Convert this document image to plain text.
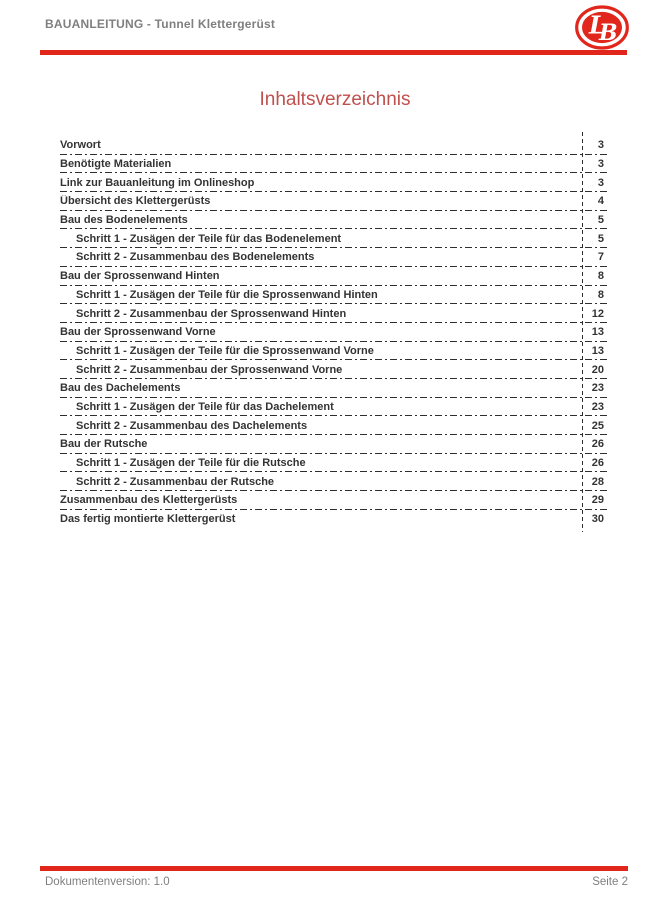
BAUANLEITUNG - Tunnel Klettergerüst	L
B
Inhaltsverzeichnis
Vorwort	3
Benötigte Materialien	3
Link zur Bauanleitung im Onlineshop	3
Übersicht des Klettergerüsts	4
Bau des Bodenelements	5
Schritt 1 - Zusägen der Teile für das Bodenelement	5
Schritt 2 - Zusammenbau des Bodenelements	7
Bau der Sprossenwand Hinten	8
Schritt 1 - Zusägen der Teile für die Sprossenwand Hinten	8
Schritt 2 - Zusammenbau der Sprossenwand Hinten	12
Bau der Sprossenwand Vorne	13
Schritt 1 - Zusägen der Teile für die Sprossenwand Vorne	13
Schritt 2 - Zusammenbau der Sprossenwand Vorne	20
Bau des Dachelements	23
Schritt 1 - Zusägen der Teile für das Dachelement	23
Schritt 2 - Zusammenbau des Dachelements	25
Bau der Rutsche	26
Schritt 1 - Zusägen der Teile für die Rutsche	26
Schritt 2 - Zusammenbau der Rutsche	28
Zusammenbau des Klettergerüsts	29
Das fertig montierte Klettergerüst	30
Dokumentenversion: 1.0	Seite 2
